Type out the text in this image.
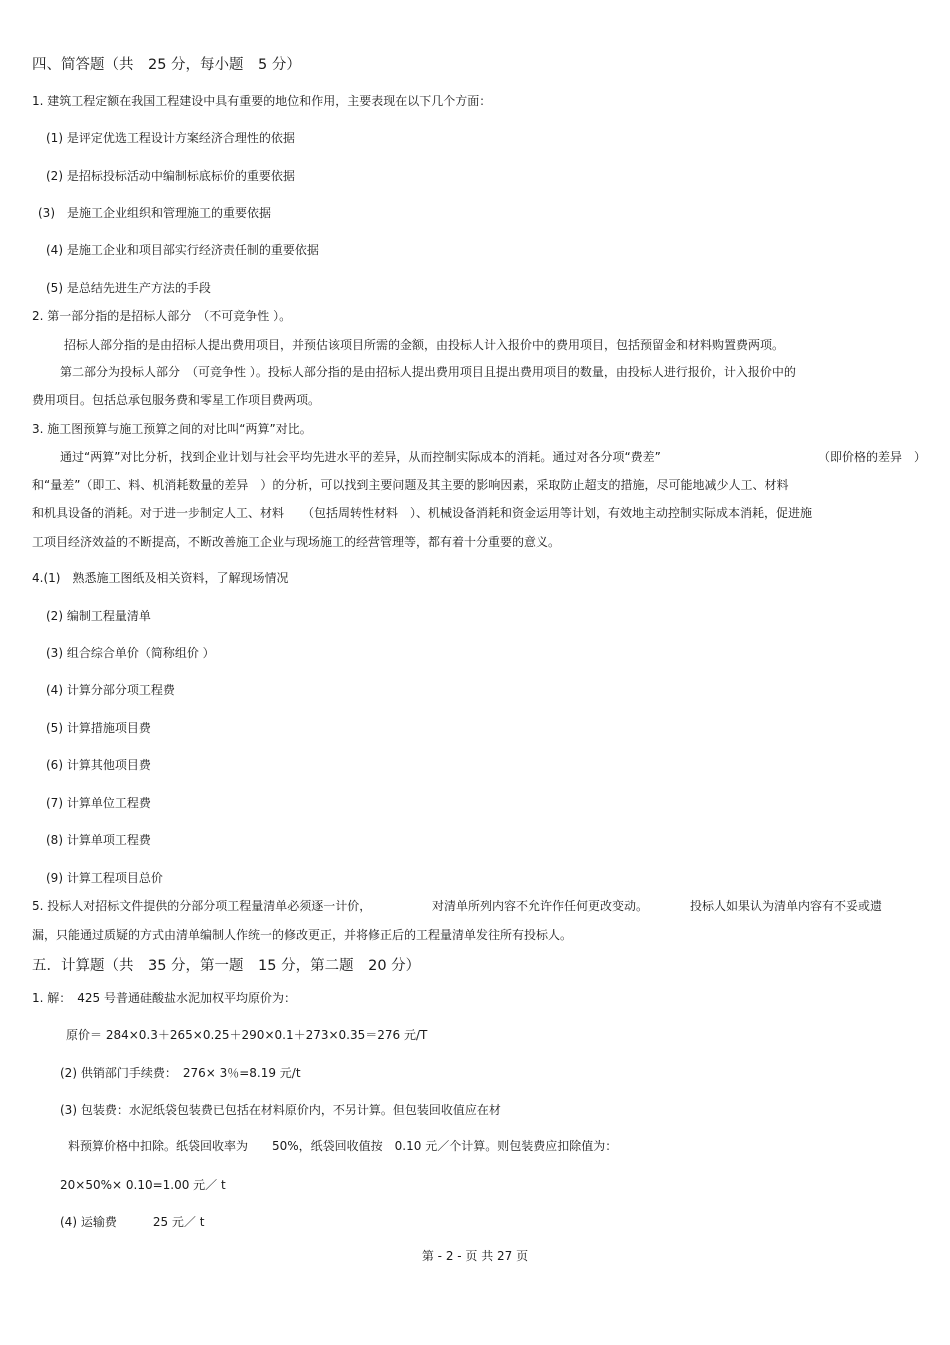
四、简答题（共　25 分，每小题　5 分）
1. 建筑工程定额在我国工程建设中具有重要的地位和作用，主要表现在以下几个方面：
(1) 是评定优选工程设计方案经济合理性的依据
(2) 是招标投标活动中编制标底标价的重要依据
(3)　是施工企业组织和管理施工的重要依据
(4) 是施工企业和项目部实行经济责任制的重要依据
(5) 是总结先进生产方法的手段
2. 第一部分指的是招标人部分　（不可竞争性 ）。
招标人部分指的是由招标人提出费用项目，并预估该项目所需的金额，由投标人计入报价中的费用项目，包括预留金和材料购置费两项。
第二部分为投标人部分　（可竞争性 ）。投标人部分指的是由招标人提出费用项目且提出费用项目的数量，由投标人进行报价，计入报价中的
费用项目。包括总承包服务费和零星工作项目费两项。
3. 施工图预算与施工预算之间的对比叫“两算”对比。
通过“两算”对比分析，找到企业计划与社会平均先进水平的差异，从而控制实际成本的消耗。通过对各分项“费差”	（即价格的差异　）
和“量差”（即工、料、机消耗数量的差异　）的分析，可以找到主要问题及其主要的影响因素，采取防止超支的措施，尽可能地减少人工、材料
和机具设备的消耗。对于进一步制定人工、材料　　（包括周转性材料　）、机械设备消耗和资金运用等计划，有效地主动控制实际成本消耗，促进施
工项目经济效益的不断提高，不断改善施工企业与现场施工的经营管理等，都有着十分重要的意义。
4.(1)　熟悉施工图纸及相关资料，了解现场情况
(2) 编制工程量清单
(3) 组合综合单价（简称组价 ）
(4) 计算分部分项工程费
(5) 计算措施项目费
(6) 计算其他项目费
(7) 计算单位工程费
(8) 计算单项工程费
(9) 计算工程项目总价
5. 投标人对招标文件提供的分部分项工程量清单必须逐一计价，	对清单所列内容不允许作任何更改变动。	投标人如果认为清单内容有不妥或遗
漏，只能通过质疑的方式由清单编制人作统一的修改更正，并将修正后的工程量清单发往所有投标人。
五．计算题（共　35 分，第一题　15 分，第二题　20 分）
1. 解：　425 号普通硅酸盐水泥加权平均原价为：
原价＝ 284×0.3＋265×0.25＋290×0.1＋273×0.35＝276 元/T
(2) 供销部门手续费：　276× 3％=8.19 元/t
(3) 包装费：水泥纸袋包装费已包括在材料原价内，不另计算。但包装回收值应在材
料预算价格中扣除。纸袋回收率为　　50%，纸袋回收值按　0.10 元／个计算。则包装费应扣除值为：
20×50%× 0.10=1.00 元／ t
(4) 运输费　　　25 元／ t
第 - 2 - 页 共 27 页
